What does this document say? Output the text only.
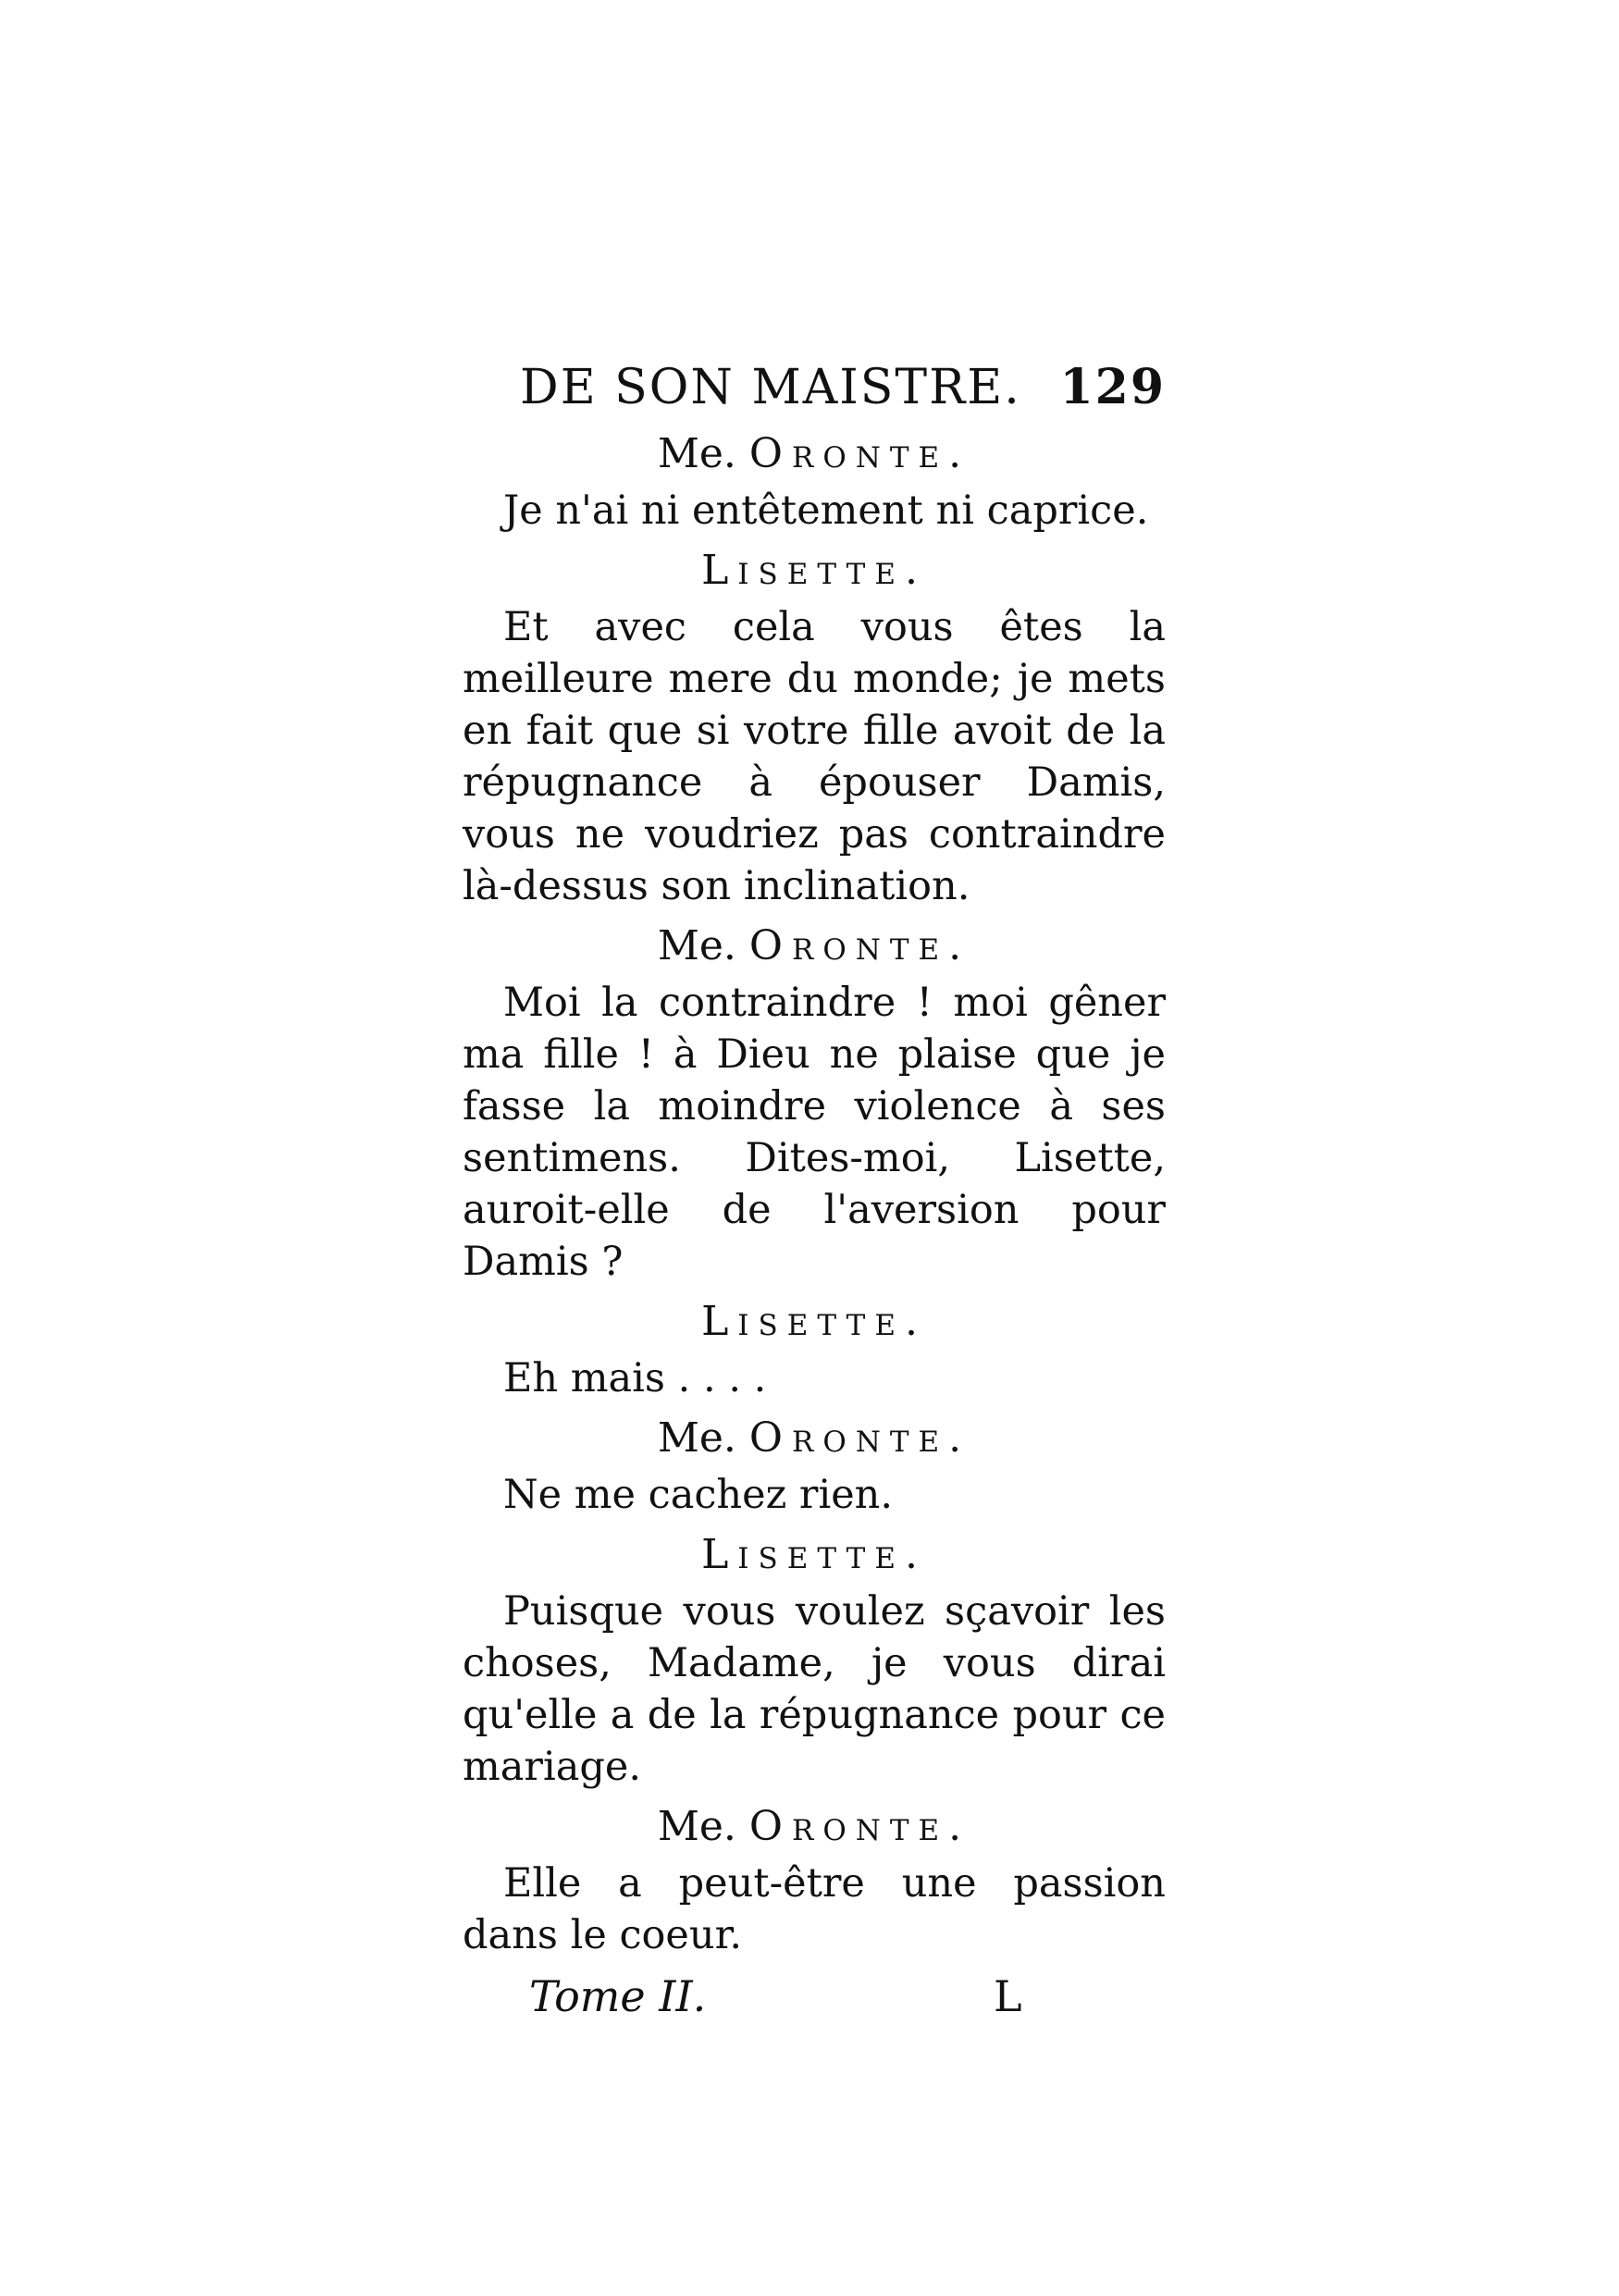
DE SON MAISTRE. 129
Me. Oronte.

Je n'ai ni entêtement ni caprice.

Lisette.

Et avec cela vous êtes la meilleure mere du monde; je mets en fait que si votre fille avoit de la répugnance à épouser Damis, vous ne voudriez pas contraindre là-dessus son inclination.

Me. Oronte.

Moi la contraindre ! moi gêner ma fille ! à Dieu ne plaise que je fasse la moindre violence à ses sentimens. Dites-moi, Lisette, auroit-elle de l'aversion pour Damis ?

Lisette.

Eh mais . . . .

Me. Oronte.

Ne me cachez rien.

Lisette.

Puisque vous voulez sçavoir les choses, Madame, je vous dirai qu'elle a de la répugnance pour ce mariage.

Me. Oronte.

Elle a peut-être une passion dans le coeur.

Tome II.	L
